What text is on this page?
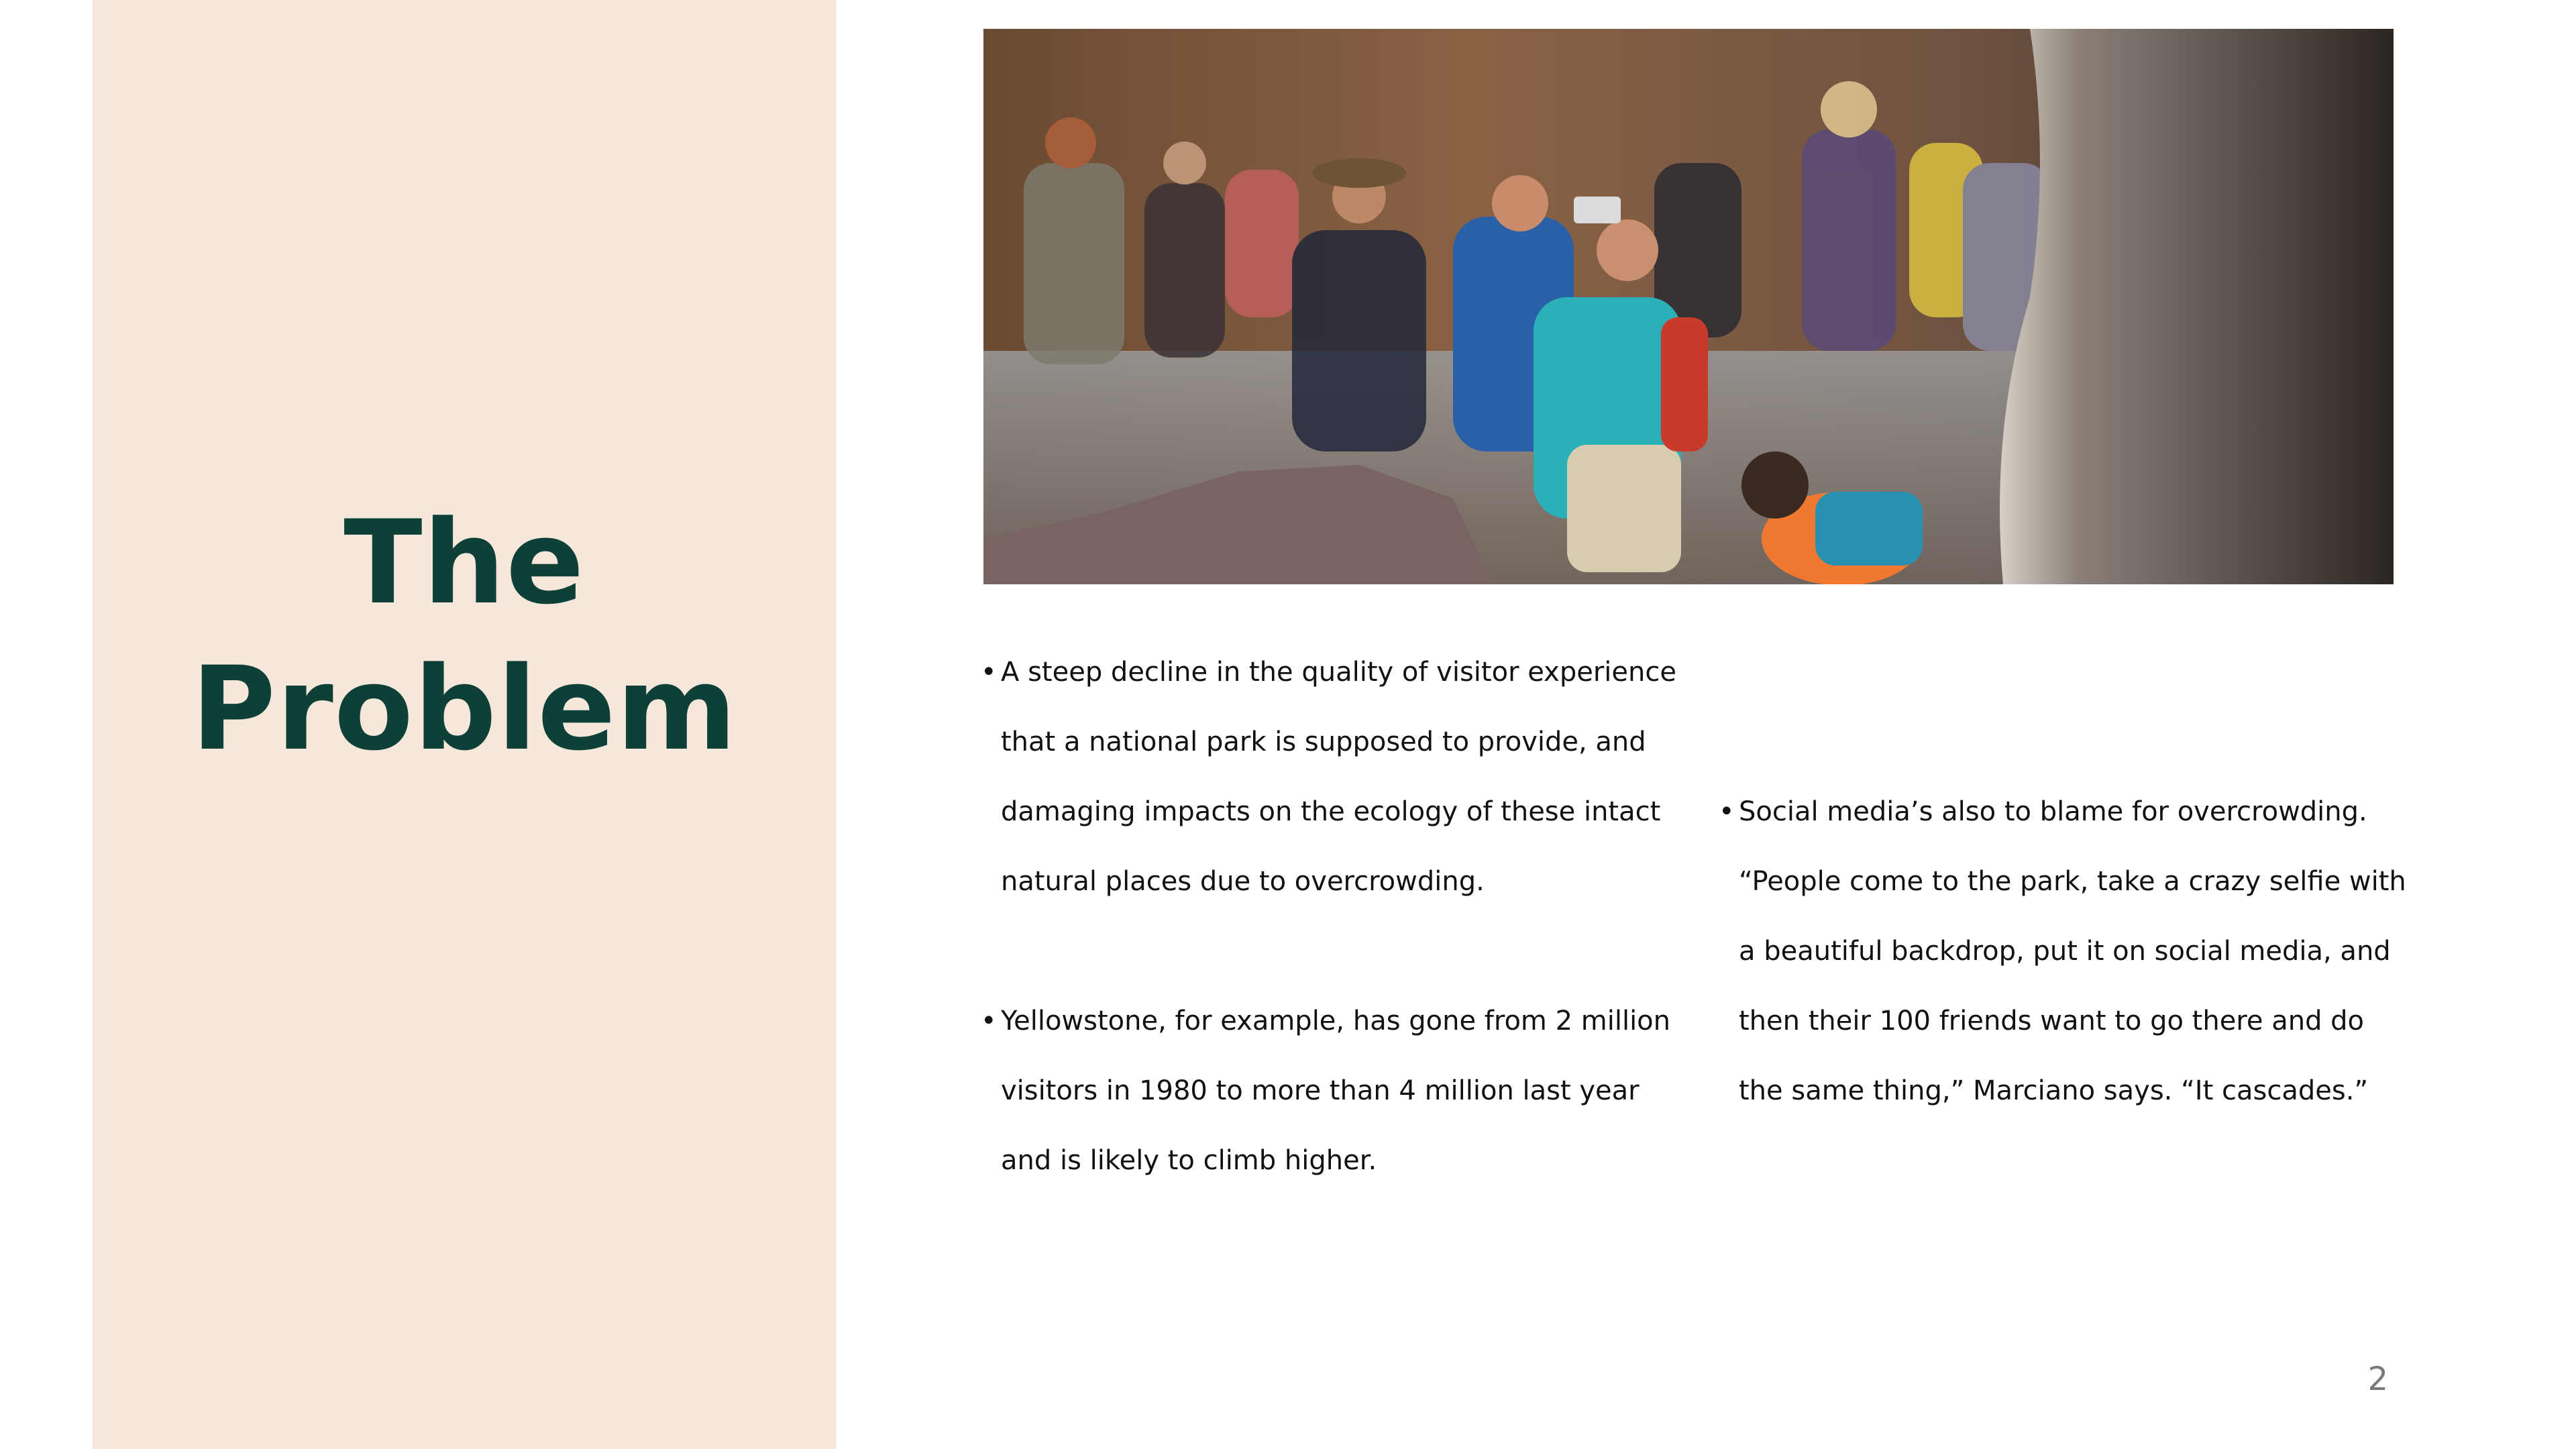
The
Problem
•	A steep decline in the quality of visitor experience that a national park is supposed to provide, and damaging impacts on the ecology of these intact natural places due to overcrowding.
• Yellowstone, for example, has gone from 2 million visitors in 1980 to more than 4 million last year and is likely to climb higher.
• Social media’s also to blame for overcrowding. “People come to the park, take a crazy selfie with a beautiful backdrop, put it on social media, and then their 100 friends want to go there and do the same thing,” Marciano says. “It cascades.”
2
